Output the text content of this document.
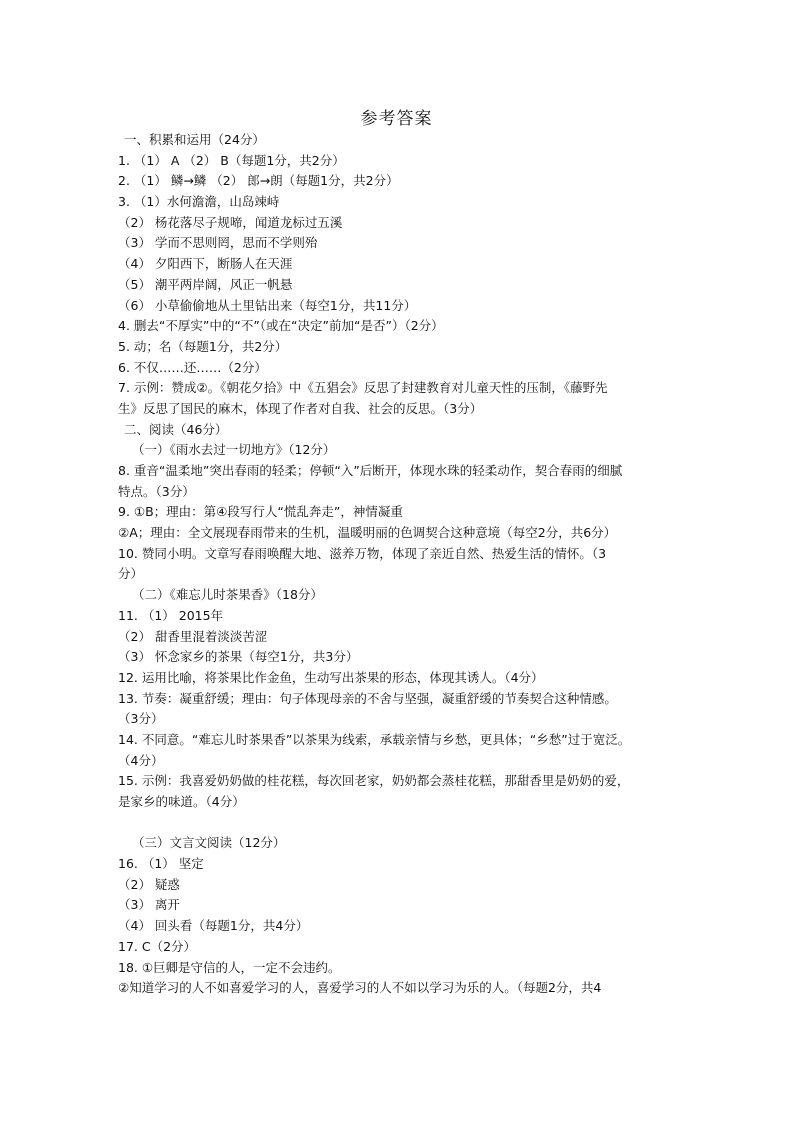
参考答案
一、积累和运用（24分）
1. （1） A （2） B（每题1分，共2分）
2. （1） 鳞→鳞 （2） 郎→朗（每题1分，共2分）
3. （1）水何澹澹，山岛竦峙
（2） 杨花落尽子规啼，闻道龙标过五溪
（3） 学而不思则罔，思而不学则殆
（4） 夕阳西下，断肠人在天涯
（5） 潮平两岸阔，风正一帆悬
（6） 小草偷偷地从土里钻出来（每空1分，共11分）
4. 删去“不厚实”中的“不”（或在“决定”前加“是否”）（2分）
5. 动；名（每题1分，共2分）
6. 不仅……还……（2分）
7. 示例：赞成②。《朝花夕拾》中《五猖会》反思了封建教育对儿童天性的压制，《藤野先
生》反思了国民的麻木，体现了作者对自我、社会的反思。（3分）
二、阅读（46分）
（一）《雨水去过一切地方》（12分）
8. 重音“温柔地”突出春雨的轻柔；停顿“入”后断开，体现水珠的轻柔动作，契合春雨的细腻
特点。（3分）
9. ①B；理由：第④段写行人“慌乱奔走”，神情凝重
②A；理由：全文展现春雨带来的生机，温暖明丽的色调契合这种意境（每空2分，共6分）
10. 赞同小明。文章写春雨唤醒大地、滋养万物，体现了亲近自然、热爱生活的情怀。（3
分）
（二）《难忘儿时茶果香》（18分）
11. （1） 2015年
（2） 甜香里混着淡淡苦涩
（3） 怀念家乡的茶果（每空1分，共3分）
12. 运用比喻，将茶果比作金鱼，生动写出茶果的形态，体现其诱人。（4分）
13. 节奏：凝重舒缓；理由：句子体现母亲的不舍与坚强，凝重舒缓的节奏契合这种情感。
（3分）
14. 不同意。“难忘儿时茶果香”以茶果为线索，承载亲情与乡愁，更具体；“乡愁”过于宽泛。
（4分）
15. 示例：我喜爱奶奶做的桂花糕，每次回老家，奶奶都会蒸桂花糕，那甜香里是奶奶的爱，
是家乡的味道。（4分）
（三）文言文阅读（12分）
16. （1） 坚定
（2） 疑惑
（3） 离开
（4） 回头看（每题1分，共4分）
17. C（2分）
18. ①巨卿是守信的人，一定不会违约。
②知道学习的人不如喜爱学习的人，喜爱学习的人不如以学习为乐的人。（每题2分，共4
